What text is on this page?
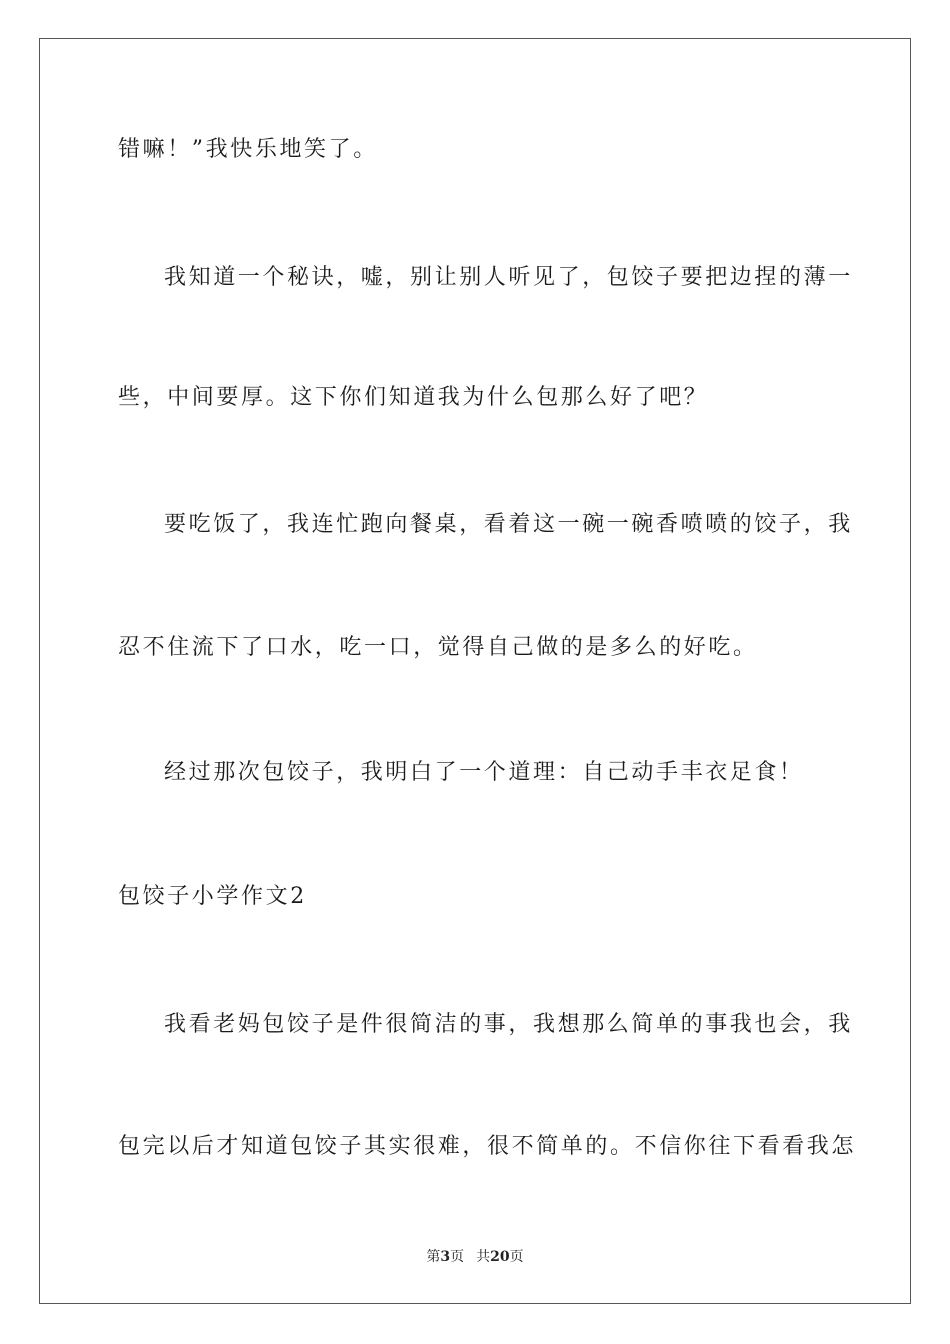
错嘛！”我快乐地笑了。
我知道一个秘诀，嘘，别让别人听见了，包饺子要把边捏的薄一
些，中间要厚。这下你们知道我为什么包那么好了吧？
要吃饭了，我连忙跑向餐桌，看着这一碗一碗香喷喷的饺子，我
忍不住流下了口水，吃一口，觉得自己做的是多么的好吃。
经过那次包饺子，我明白了一个道理：自己动手丰衣足食！
包饺子小学作文2
我看老妈包饺子是件很简洁的事，我想那么简单的事我也会，我
包完以后才知道包饺子其实很难，很不简单的。不信你往下看看我怎
第3页 共20页
